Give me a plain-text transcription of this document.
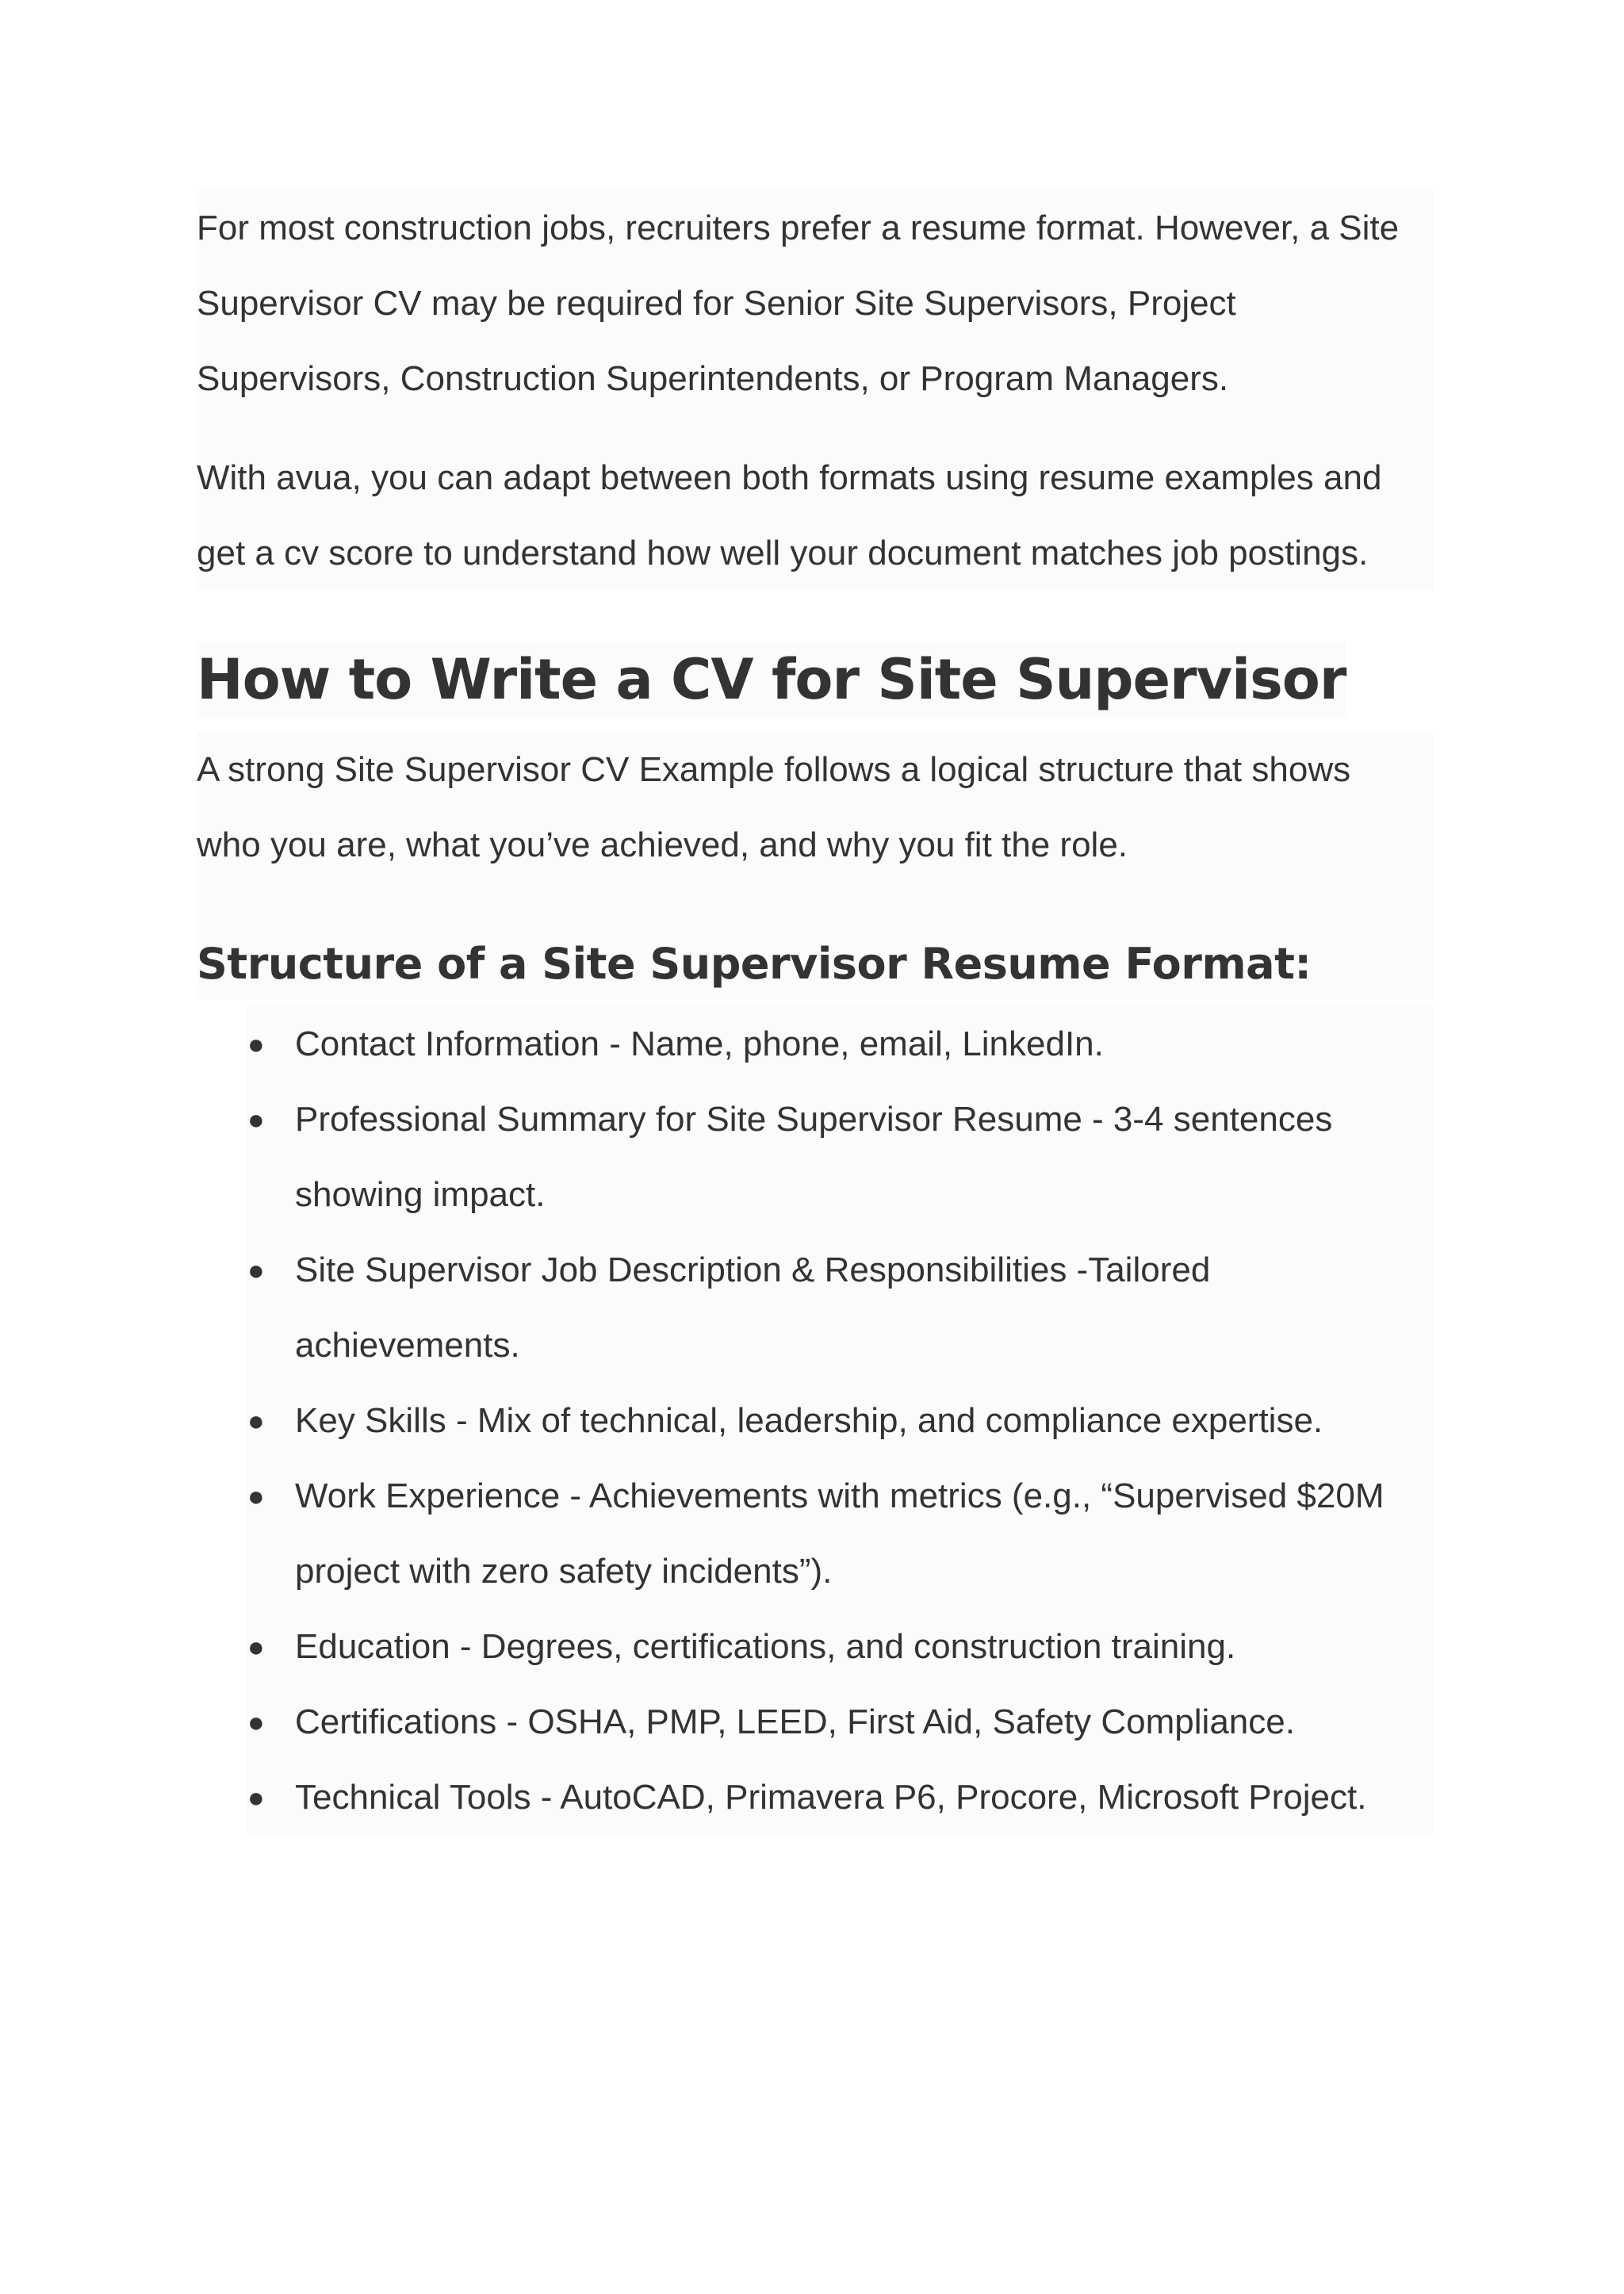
For most construction jobs, recruiters prefer a resume format. However, a Site Supervisor CV may be required for Senior Site Supervisors, Project Supervisors, Construction Superintendents, or Program Managers.

With avua, you can adapt between both formats using resume examples and get a cv score to understand how well your document matches job postings.

How to Write a CV for Site Supervisor

A strong Site Supervisor CV Example follows a logical structure that shows who you are, what you’ve achieved, and why you fit the role.

Structure of a Site Supervisor Resume Format:
● Contact Information - Name, phone, email, LinkedIn.
● Professional Summary for Site Supervisor Resume - 3-4 sentences showing impact.
● Site Supervisor Job Description & Responsibilities -Tailored achievements.
● Key Skills - Mix of technical, leadership, and compliance expertise.
● Work Experience - Achievements with metrics (e.g., “Supervised $20M project with zero safety incidents”).
● Education - Degrees, certifications, and construction training.
● Certifications - OSHA, PMP, LEED, First Aid, Safety Compliance.
● Technical Tools - AutoCAD, Primavera P6, Procore, Microsoft Project.
